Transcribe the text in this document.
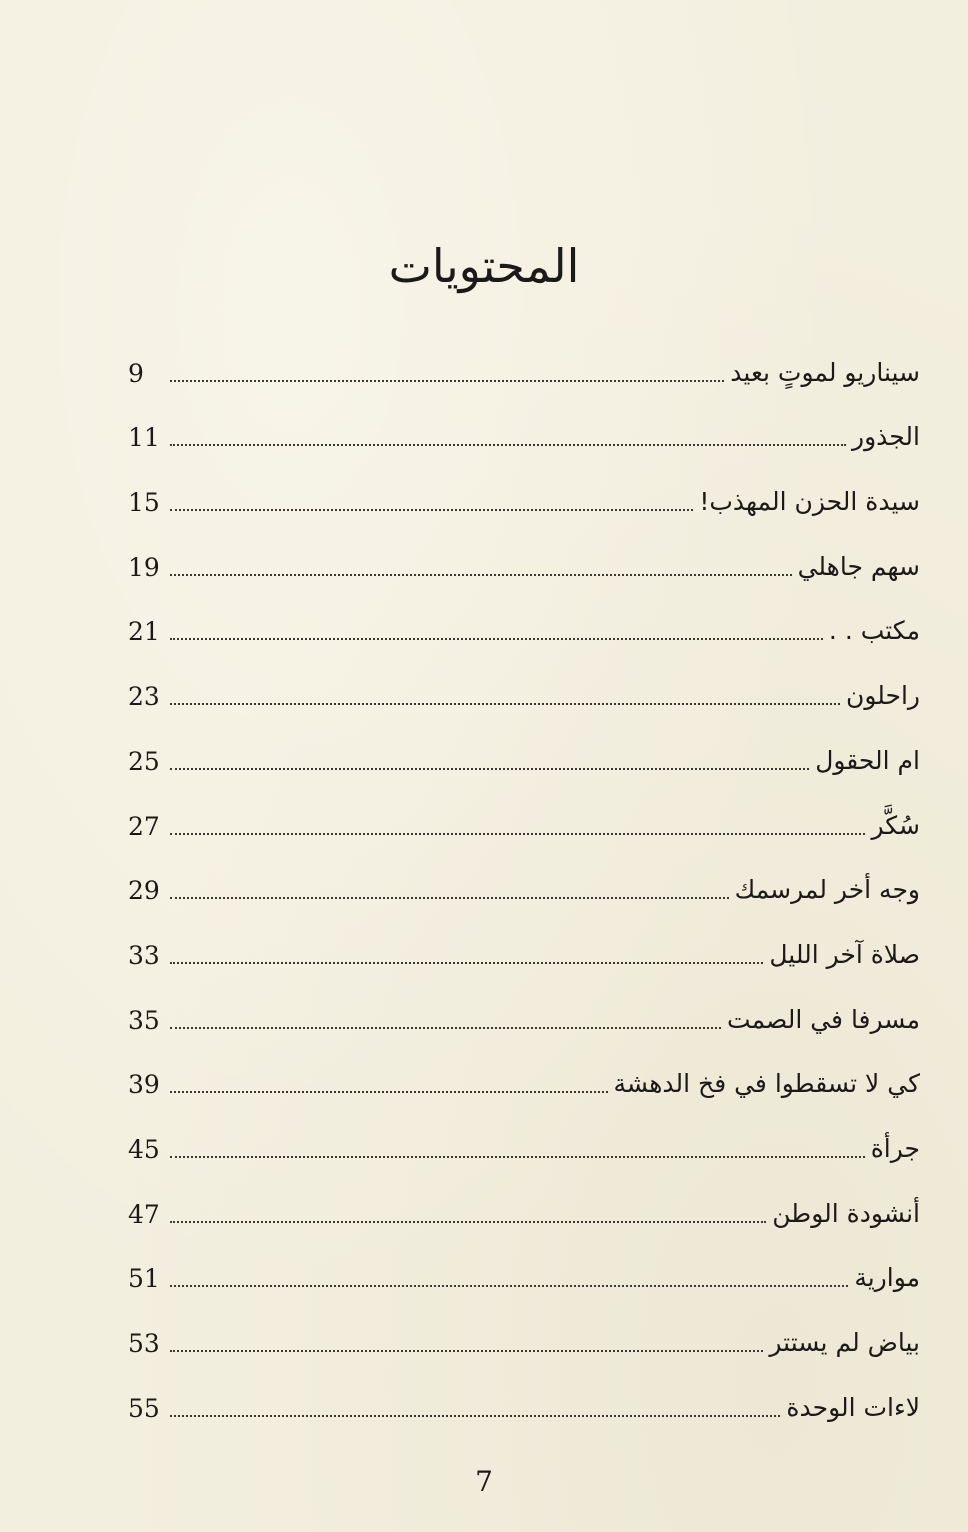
المحتويات
سيناريو لموتٍ بعيد
9
الجذور
11
سيدة الحزن المهذب!
15
سهم جاهلي
19
مكتب . .
21
راحلون
23
ام الحقول
25
سُكَّر
27
وجه أخر لمرسمك
29
صلاة آخر الليل
33
مسرفا في الصمت
35
كي لا تسقطوا في فخ الدهشة
39
جرأة
45
أنشودة الوطن
47
موارية
51
بياض لم يستتر
53
لاءات الوحدة
55
7
